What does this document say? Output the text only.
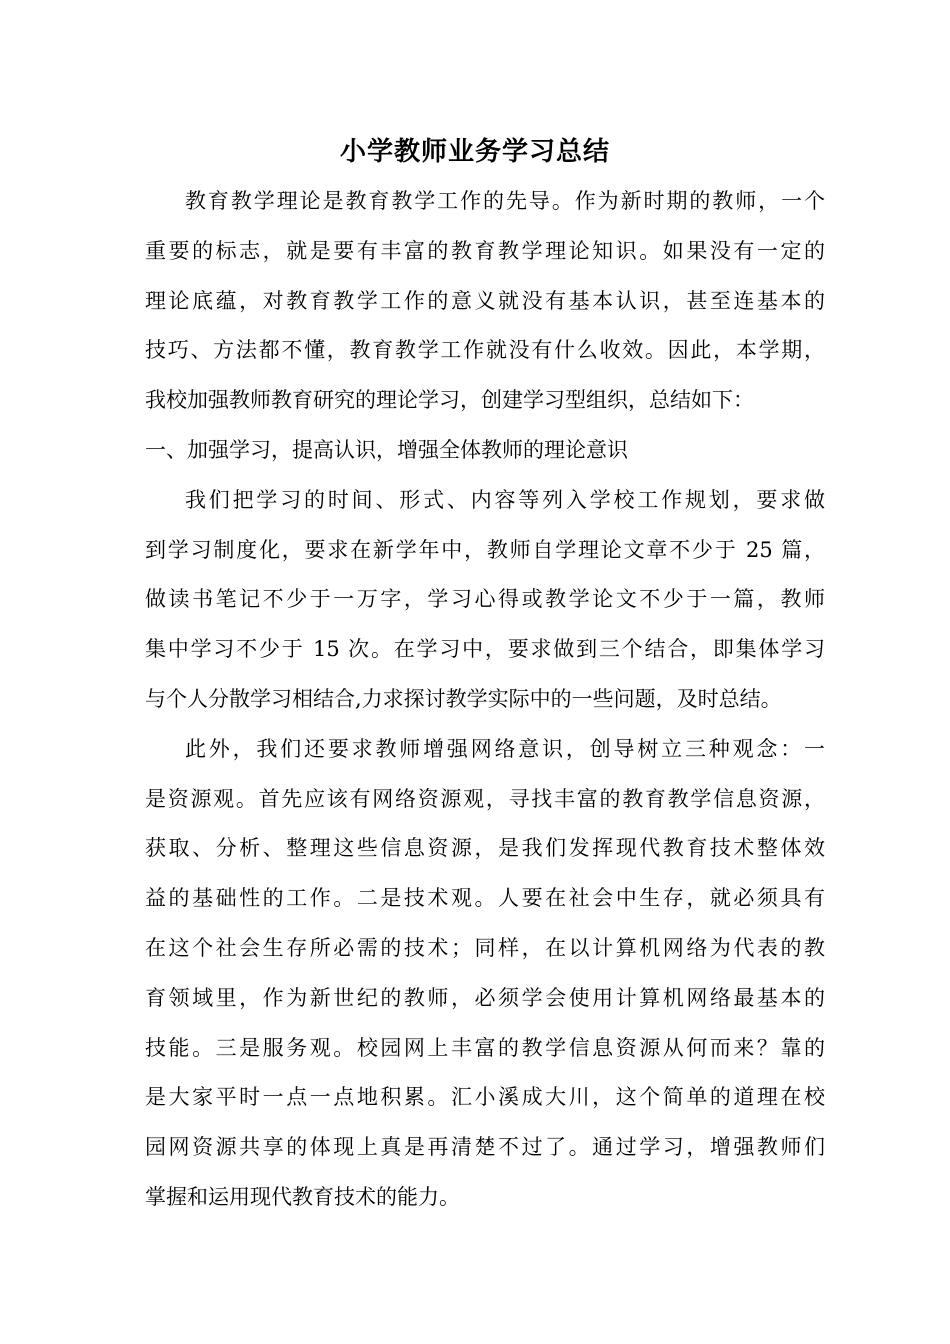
小学教师业务学习总结
教育教学理论是教育教学工作的先导。作为新时期的教师，一个
重要的标志，就是要有丰富的教育教学理论知识。如果没有一定的
理论底蕴，对教育教学工作的意义就没有基本认识，甚至连基本的
技巧、方法都不懂，教育教学工作就没有什么收效。因此，本学期，
我校加强教师教育研究的理论学习，创建学习型组织，总结如下：
一、加强学习，提高认识，增强全体教师的理论意识
我们把学习的时间、形式、内容等列入学校工作规划，要求做
到学习制度化，要求在新学年中，教师自学理论文章不少于 25 篇，
做读书笔记不少于一万字，学习心得或教学论文不少于一篇，教师
集中学习不少于 15 次。在学习中，要求做到三个结合，即集体学习
与个人分散学习相结合,力求探讨教学实际中的一些问题，及时总结。
此外，我们还要求教师增强网络意识，创导树立三种观念：一
是资源观。首先应该有网络资源观，寻找丰富的教育教学信息资源，
获取、分析、整理这些信息资源，是我们发挥现代教育技术整体效
益的基础性的工作。二是技术观。人要在社会中生存，就必须具有
在这个社会生存所必需的技术；同样，在以计算机网络为代表的教
育领域里，作为新世纪的教师，必须学会使用计算机网络最基本的
技能。三是服务观。校园网上丰富的教学信息资源从何而来？靠的
是大家平时一点一点地积累。汇小溪成大川，这个简单的道理在校
园网资源共享的体现上真是再清楚不过了。通过学习，增强教师们
掌握和运用现代教育技术的能力。
